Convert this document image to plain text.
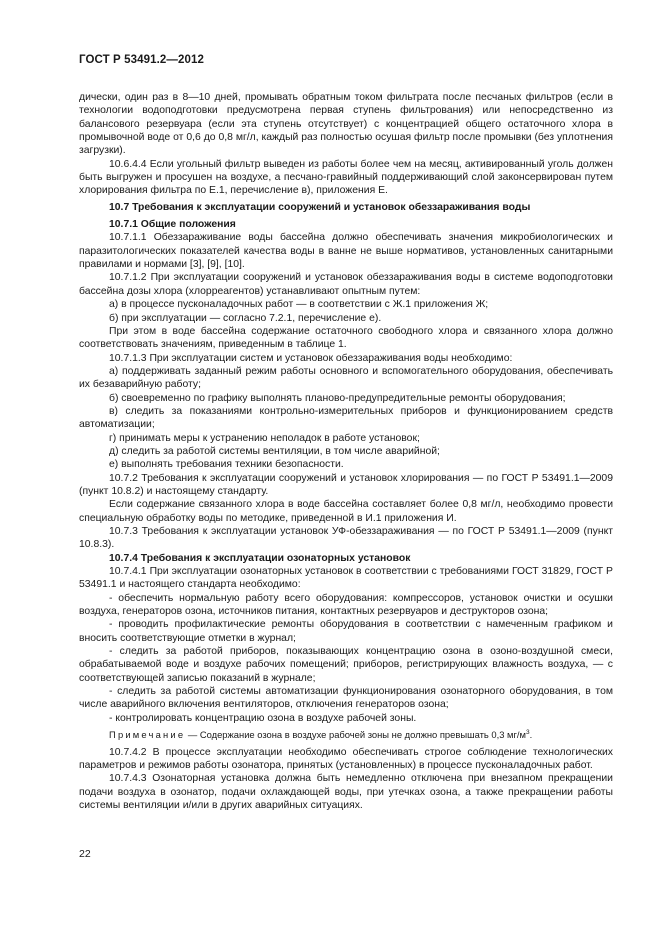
ГОСТ Р 53491.2—2012

дически, один раз в 8—10 дней, промывать обратным током фильтрата после песчаных фильтров (если в технологии водоподготовки предусмотрена первая ступень фильтрования) или непосредственно из балансового резервуара (если эта ступень отсутствует) с концентрацией общего остаточного хлора в промывочной воде от 0,6 до 0,8 мг/л, каждый раз полностью осушая фильтр после промывки (без уплотнения загрузки).

10.6.4.4 Если угольный фильтр выведен из работы более чем на месяц, активированный уголь должен быть выгружен и просушен на воздухе, а песчано-гравийный поддерживающий слой законсервирован путем хлорирования фильтра по Е.1, перечисление в), приложения Е.

10.7 Требования к эксплуатации сооружений и установок обеззараживания воды

10.7.1 Общие положения

10.7.1.1 Обеззараживание воды бассейна должно обеспечивать значения микробиологических и паразитологических показателей качества воды в ванне не выше нормативов, установленных санитарными правилами и нормами [3], [9], [10].

10.7.1.2 При эксплуатации сооружений и установок обеззараживания воды в системе водоподготовки бассейна дозы хлора (хлорреагентов) устанавливают опытным путем:

а) в процессе пусконаладочных работ — в соответствии с Ж.1 приложения Ж;

б) при эксплуатации — согласно 7.2.1, перечисление е).

При этом в воде бассейна содержание остаточного свободного хлора и связанного хлора должно соответствовать значениям, приведенным в таблице 1.

10.7.1.3 При эксплуатации систем и установок обеззараживания воды необходимо:

а) поддерживать заданный режим работы основного и вспомогательного оборудования, обеспечивать их безаварийную работу;

б) своевременно по графику выполнять планово-предупредительные ремонты оборудования;

в) следить за показаниями контрольно-измерительных приборов и функционированием средств автоматизации;

г) принимать меры к устранению неполадок в работе установок;

д) следить за работой системы вентиляции, в том числе аварийной;

е) выполнять требования техники безопасности.

10.7.2 Требования к эксплуатации сооружений и установок хлорирования — по ГОСТ Р 53491.1—2009 (пункт 10.8.2) и настоящему стандарту.

Если содержание связанного хлора в воде бассейна составляет более 0,8 мг/л, необходимо провести специальную обработку воды по методике, приведенной в И.1 приложения И.

10.7.3 Требования к эксплуатации установок УФ-обеззараживания — по ГОСТ Р 53491.1—2009 (пункт 10.8.3).

10.7.4 Требования к эксплуатации озонаторных установок

10.7.4.1 При эксплуатации озонаторных установок в соответствии с требованиями ГОСТ 31829, ГОСТ Р 53491.1 и настоящего стандарта необходимо:

- обеспечить нормальную работу всего оборудования: компрессоров, установок очистки и осушки воздуха, генераторов озона, источников питания, контактных резервуаров и деструкторов озона;

- проводить профилактические ремонты оборудования в соответствии с намеченным графиком и вносить соответствующие отметки в журнал;

- следить за работой приборов, показывающих концентрацию озона в озоно-воздушной смеси, обрабатываемой воде и воздухе рабочих помещений; приборов, регистрирующих влажность воздуха, — с соответствующей записью показаний в журнале;

- следить за работой системы автоматизации функционирования озонаторного оборудования, в том числе аварийного включения вентиляторов, отключения генераторов озона;

- контролировать концентрацию озона в воздухе рабочей зоны.

Примечание — Содержание озона в воздухе рабочей зоны не должно превышать 0,3 $мг/м^3$.

10.7.4.2 В процессе эксплуатации необходимо обеспечивать строгое соблюдение технологических параметров и режимов работы озонатора, принятых (установленных) в процессе пусконаладочных работ.

10.7.4.3 Озонаторная установка должна быть немедленно отключена при внезапном прекращении подачи воздуха в озонатор, подачи охлаждающей воды, при утечках озона, а также прекращении работы системы вентиляции и/или в других аварийных ситуациях.

22
